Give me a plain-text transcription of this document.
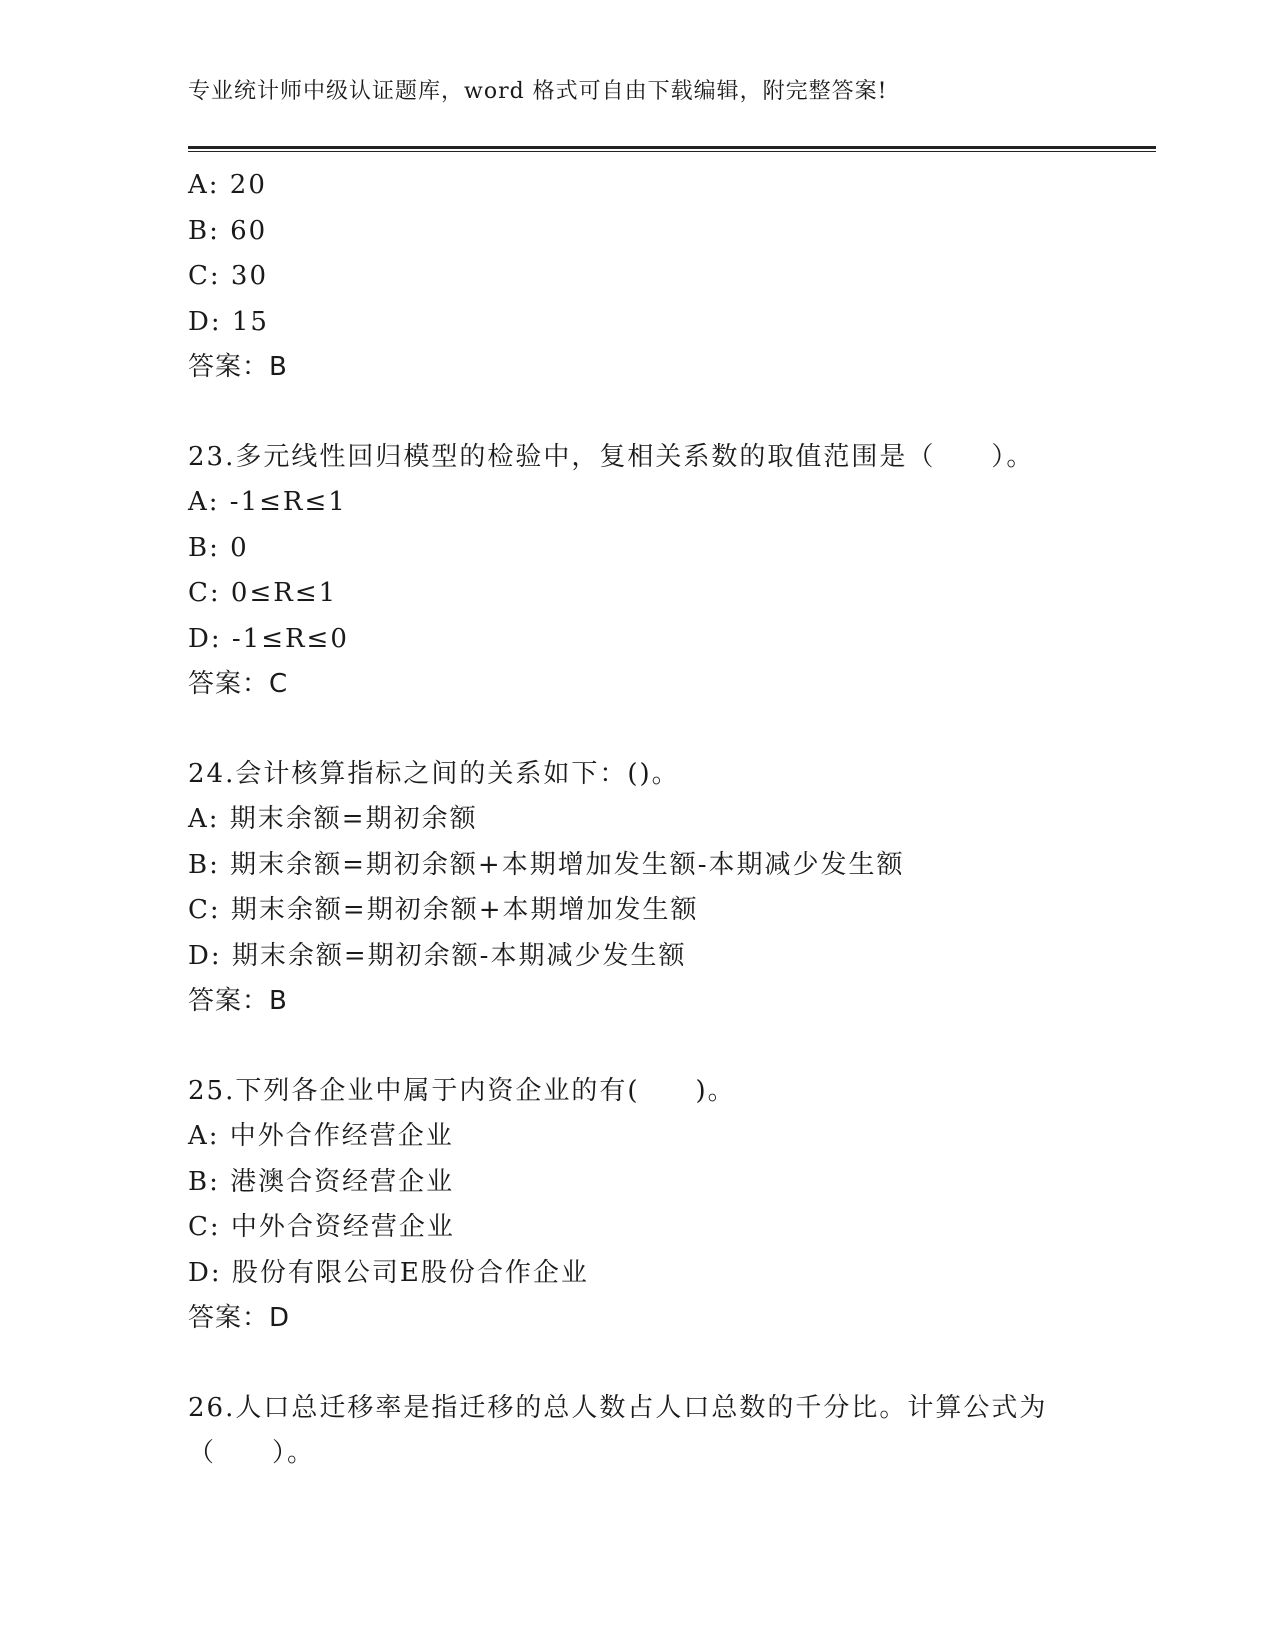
专业统计师中级认证题库，word 格式可自由下载编辑，附完整答案!
A: 20
B: 60
C: 30
D: 15
答案：B
23.多元线性回归模型的检验中，复相关系数的取值范围是（　　）。
A: -1≤R≤1
B: 0
C: 0≤R≤1
D: -1≤R≤0
答案：C
24.会计核算指标之间的关系如下：()。
A: 期末余额=期初余额
B: 期末余额=期初余额+本期增加发生额-本期减少发生额
C: 期末余额=期初余额+本期增加发生额
D: 期末余额=期初余额-本期减少发生额
答案：B
25.下列各企业中属于内资企业的有(　　)。
A: 中外合作经营企业
B: 港澳合资经营企业
C: 中外合资经营企业
D: 股份有限公司E股份合作企业
答案：D
26.人口总迁移率是指迁移的总人数占人口总数的千分比。计算公式为
（　　）。
